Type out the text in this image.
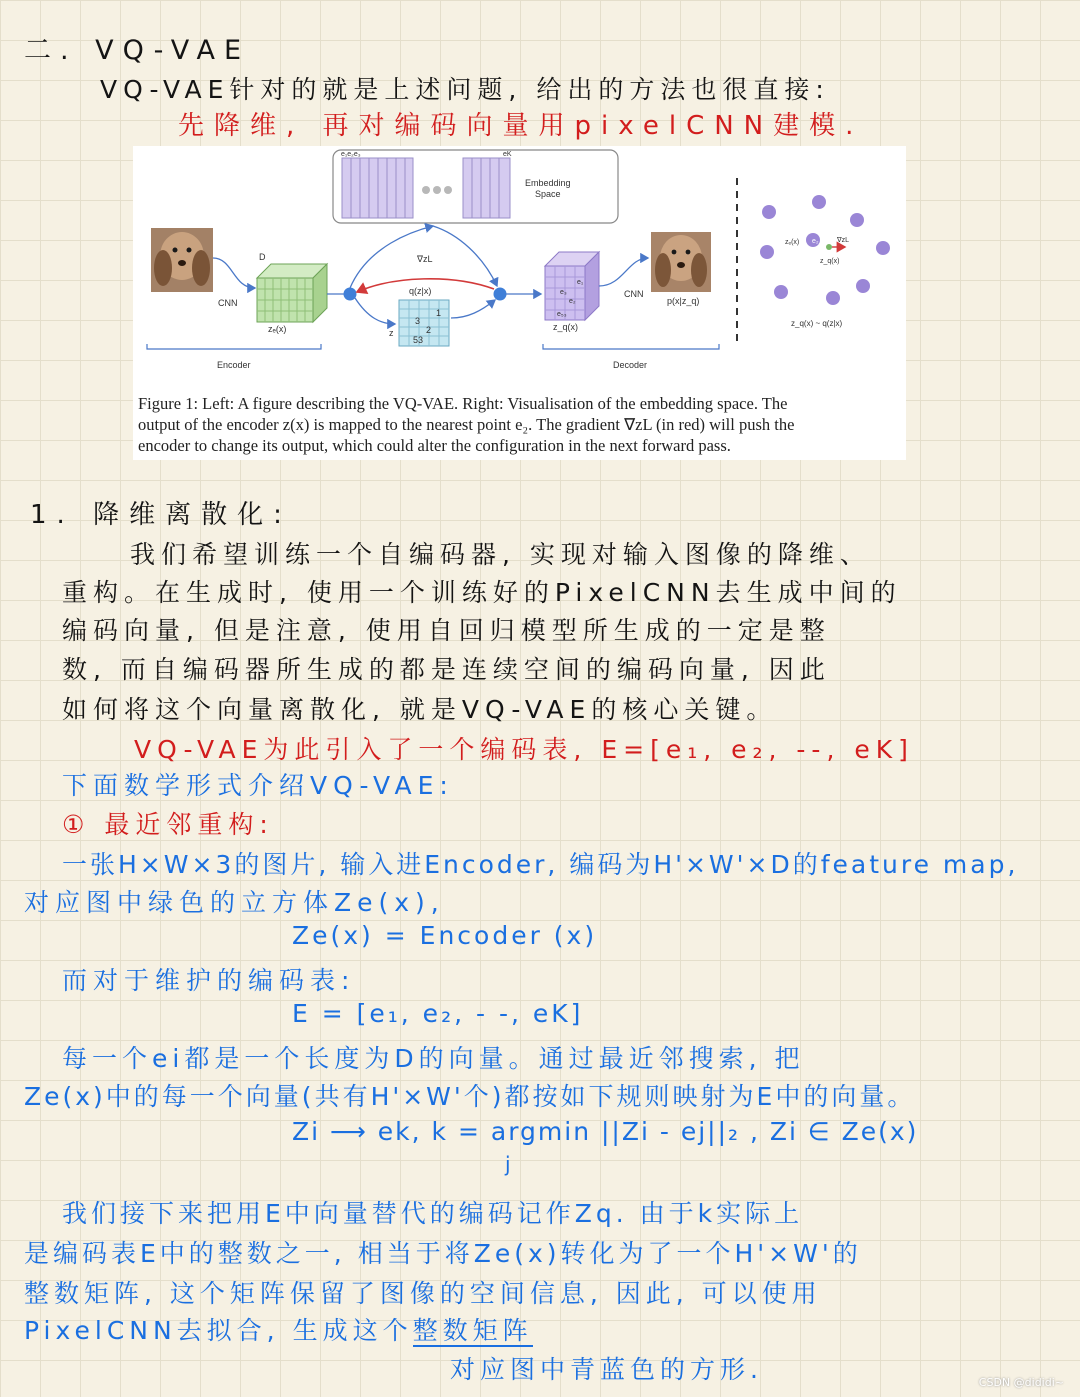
二. VQ-VAE
VQ-VAE针对的就是上述问题, 给出的方法也很直接:
先降维, 再对编码向量用pixelCNN建模.
e₁e₂e₃	eK
Embedding
Space
CNN
D
zₑ(x)
Encoder
∇zL
q(z|x)
z
1
3
2
53
e₁
e₃
e₂
e₅₃
z_q(x)
CNN
p(x|z_q)
Decoder
zₑ(x) e₂	∇zL
z_q(x)
z_q(x) ~ q(z|x)
Figure 1: Left: A figure describing the VQ-VAE. Right: Visualisation of the embedding space. The
output of the encoder z(x) is mapped to the nearest point e₂. The gradient ∇zL (in red) will push the
encoder to change its output, which could alter the configuration in the next forward pass.
1. 降维离散化:
我们希望训练一个自编码器, 实现对输入图像的降维、
重构。在生成时, 使用一个训练好的PixelCNN去生成中间的
编码向量, 但是注意, 使用自回归模型所生成的一定是整
数, 而自编码器所生成的都是连续空间的编码向量, 因此
如何将这个向量离散化, 就是VQ-VAE的核心关键。
VQ-VAE为此引入了一个编码表, E=[e₁, e₂, --, eK]
下面数学形式介绍VQ-VAE:
① 最近邻重构:
一张H×W×3的图片, 输入进Encoder, 编码为H'×W'×D的feature map,
对应图中绿色的立方体Ze(x),
Ze(x) = Encoder (x)
而对于维护的编码表:
E = [e₁, e₂, - -, eK]
每一个ei都是一个长度为D的向量。通过最近邻搜索, 把
Ze(x)中的每一个向量(共有H'×W'个)都按如下规则映射为E中的向量。
Zi ⟶ ek, k = argmin ||Zi - ej||₂ , Zi ∈ Ze(x)
j
我们接下来把用E中向量替代的编码记作Zq. 由于k实际上
是编码表E中的整数之一, 相当于将Ze(x)转化为了一个H'×W'的
整数矩阵, 这个矩阵保留了图像的空间信息, 因此, 可以使用
PixelCNN去拟合, 生成这个整数矩阵
对应图中青蓝色的方形.	CSDN @dididi~
